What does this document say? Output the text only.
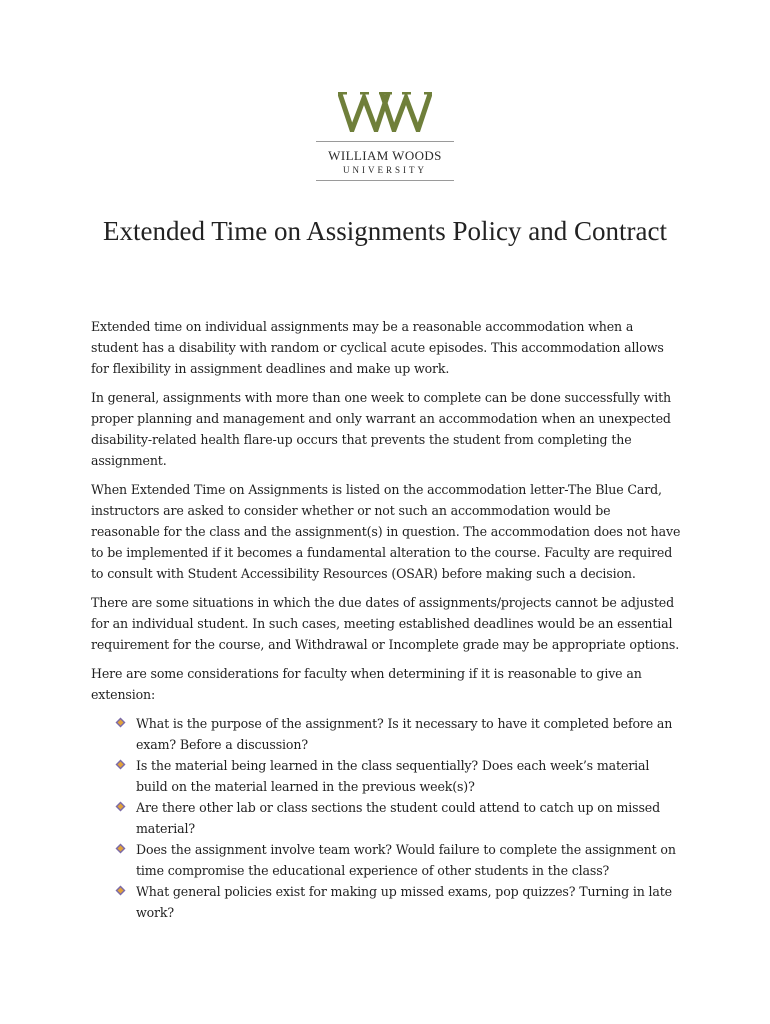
WILLIAM WOODS
UNIVERSITY
Extended Time on Assignments Policy and Contract

Extended time on individual assignments may be a reasonable accommodation when a student has a disability with random or cyclical acute episodes. This accommodation allows for flexibility in assignment deadlines and make up work.

In general, assignments with more than one week to complete can be done successfully with proper planning and management and only warrant an accommodation when an unexpected disability-related health flare-up occurs that prevents the student from completing the assignment.

When Extended Time on Assignments is listed on the accommodation letter-The Blue Card, instructors are asked to consider whether or not such an accommodation would be reasonable for the class and the assignment(s) in question. The accommodation does not have to be implemented if it becomes a fundamental alteration to the course. Faculty are required to consult with Student Accessibility Resources (OSAR) before making such a decision.

There are some situations in which the due dates of assignments/projects cannot be adjusted for an individual student. In such cases, meeting established deadlines would be an essential requirement for the course, and Withdrawal or Incomplete grade may be appropriate options.

Here are some considerations for faculty when determining if it is reasonable to give an extension:

What is the purpose of the assignment? Is it necessary to have it completed before an exam? Before a discussion?
Is the material being learned in the class sequentially? Does each week’s material build on the material learned in the previous week(s)?
Are there other lab or class sections the student could attend to catch up on missed material?
Does the assignment involve team work? Would failure to complete the assignment on time compromise the educational experience of other students in the class?
What general policies exist for making up missed exams, pop quizzes? Turning in late work?
